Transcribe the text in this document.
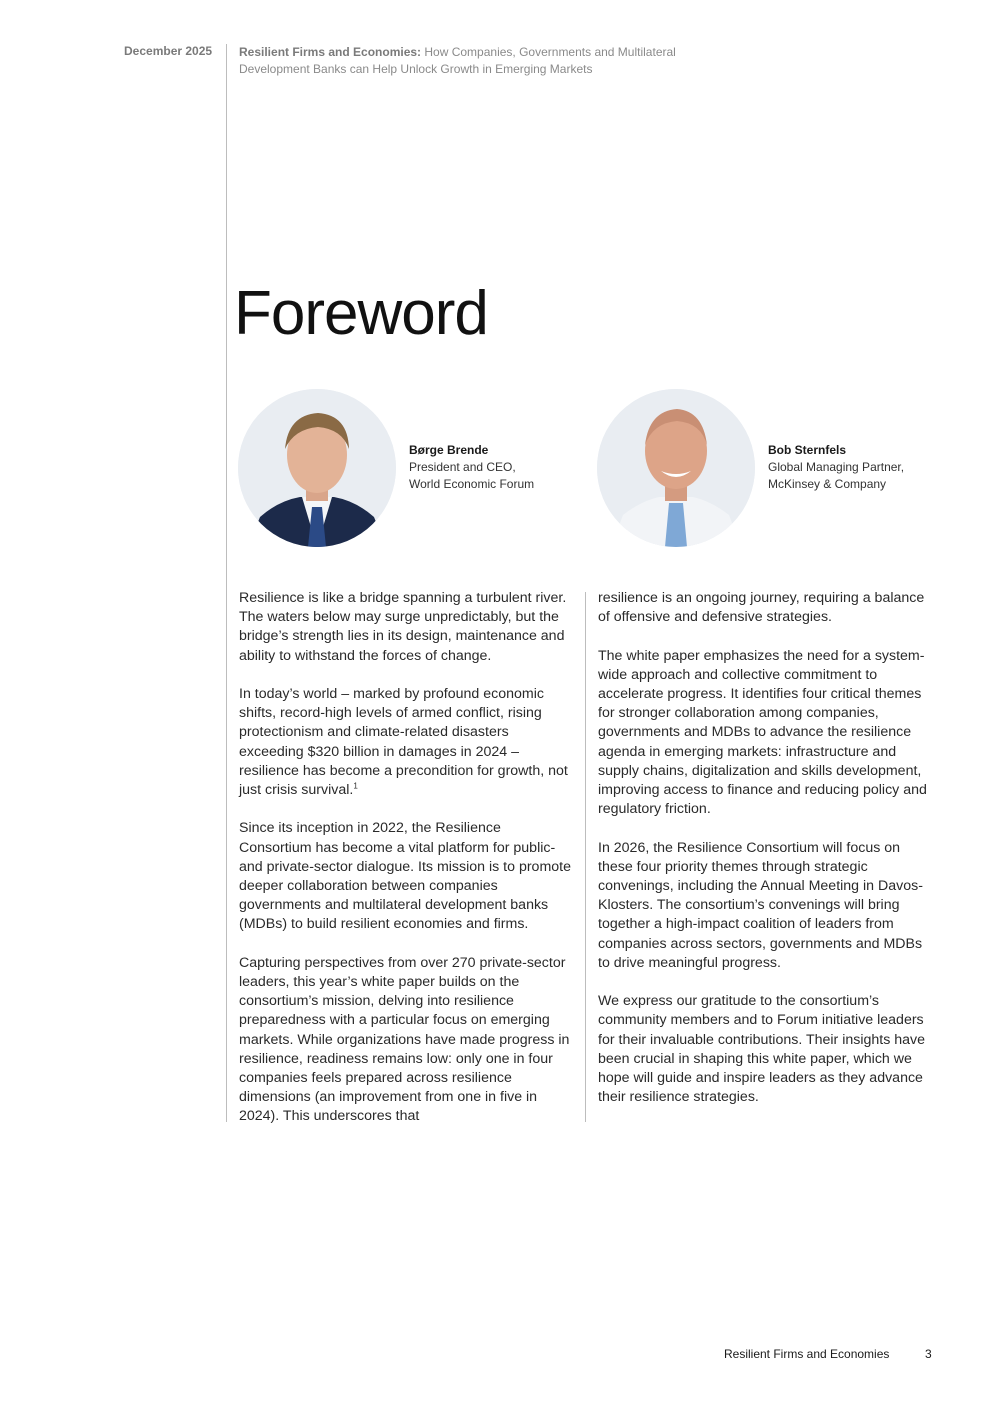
December 2025 Resilient Firms and Economies: How Companies, Governments and Multilateral Development Banks can Help Unlock Growth in Emerging Markets
Foreword
Børge Brende
President and CEO,
World Economic Forum
Bob Sternfels
Global Managing Partner,
McKinsey & Company

Resilience is like a bridge spanning a turbulent river. The waters below may surge unpredictably, but the bridge’s strength lies in its design, maintenance and ability to withstand the forces of change.

In today’s world – marked by profound economic shifts, record-high levels of armed conflict, rising protectionism and climate-related disasters exceeding $320 billion in damages in 2024 – resilience has become a precondition for growth, not just crisis survival.$^1$

Since its inception in 2022, the Resilience Consortium has become a vital platform for public- and private-sector dialogue. Its mission is to promote deeper collaboration between companies governments and multilateral development banks (MDBs) to build resilient economies and firms.

Capturing perspectives from over 270 private-sector leaders, this year’s white paper builds on the consortium’s mission, delving into resilience preparedness with a particular focus on emerging markets. While organizations have made progress in resilience, readiness remains low: only one in four companies feels prepared across resilience dimensions (an improvement from one in five in 2024). This underscores that

resilience is an ongoing journey, requiring a balance of offensive and defensive strategies.

The white paper emphasizes the need for a system-wide approach and collective commitment to accelerate progress. It identifies four critical themes for stronger collaboration among companies, governments and MDBs to advance the resilience agenda in emerging markets: infrastructure and supply chains, digitalization and skills development, improving access to finance and reducing policy and regulatory friction.

In 2026, the Resilience Consortium will focus on these four priority themes through strategic convenings, including the Annual Meeting in Davos-Klosters. The consortium’s convenings will bring together a high-impact coalition of leaders from companies across sectors, governments and MDBs to drive meaningful progress.

We express our gratitude to the consortium’s community members and to Forum initiative leaders for their invaluable contributions. Their insights have been crucial in shaping this white paper, which we hope will guide and inspire leaders as they advance their resilience strategies.

Resilient Firms and Economies	3
